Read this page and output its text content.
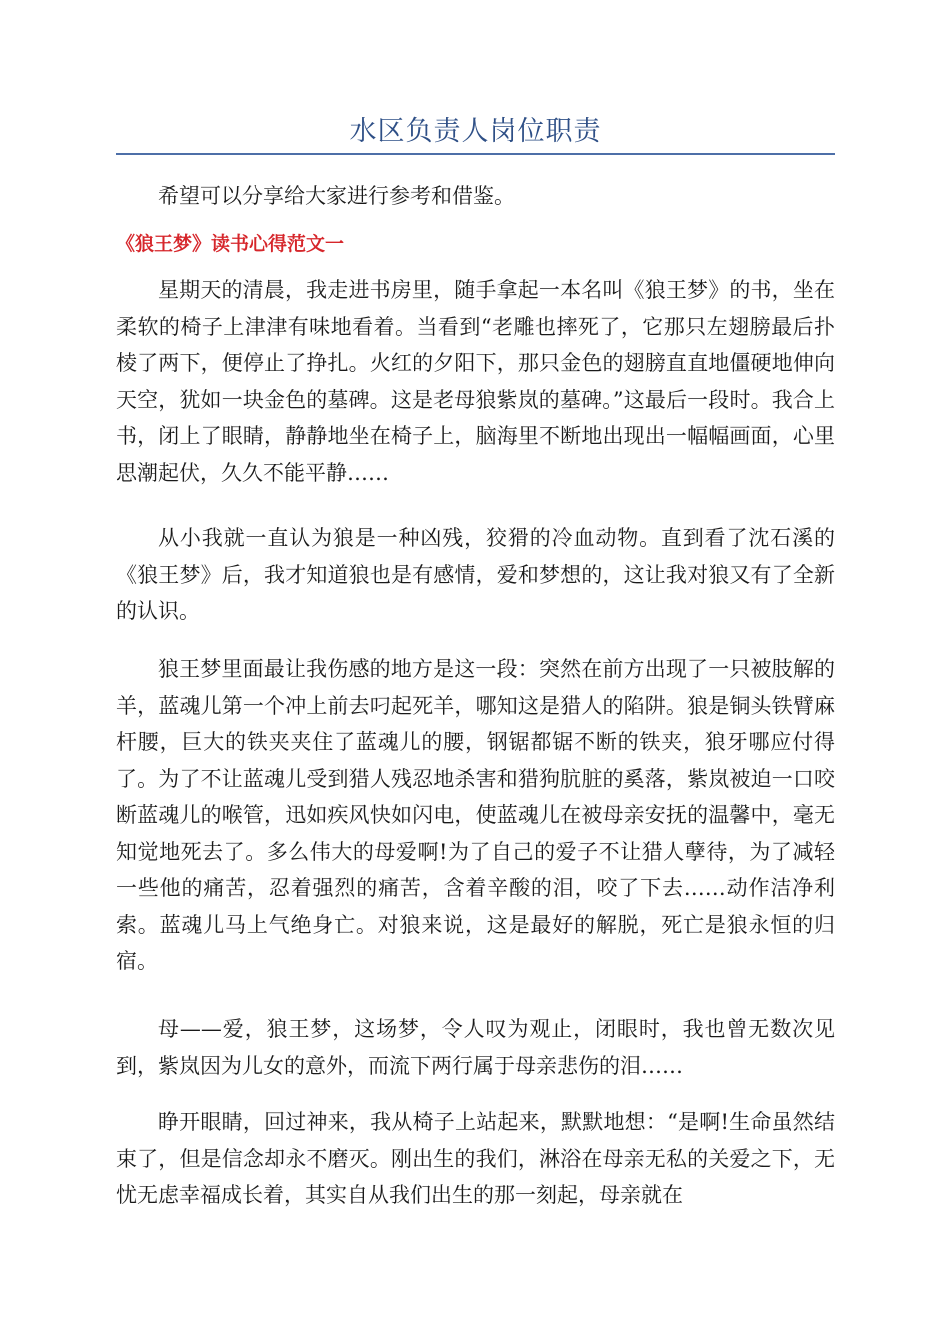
水区负责人岗位职责

希望可以分享给大家进行参考和借鉴。

《狼王梦》读书心得范文一

星期天的清晨，我走进书房里，随手拿起一本名叫《狼王梦》的书，坐在柔软的椅子上津津有味地看着。当看到“老雕也摔死了，它那只左翅膀最后扑棱了两下，便停止了挣扎。火红的夕阳下，那只金色的翅膀直直地僵硬地伸向天空，犹如一块金色的墓碑。这是老母狼紫岚的墓碑。”这最后一段时。我合上书，闭上了眼睛，静静地坐在椅子上，脑海里不断地出现出一幅幅画面，心里思潮起伏，久久不能平静……

从小我就一直认为狼是一种凶残，狡猾的冷血动物。直到看了沈石溪的《狼王梦》后，我才知道狼也是有感情，爱和梦想的，这让我对狼又有了全新的认识。

狼王梦里面最让我伤感的地方是这一段：突然在前方出现了一只被肢解的羊，蓝魂儿第一个冲上前去叼起死羊，哪知这是猎人的陷阱。狼是铜头铁臂麻杆腰，巨大的铁夹夹住了蓝魂儿的腰，钢锯都锯不断的铁夹，狼牙哪应付得了。为了不让蓝魂儿受到猎人残忍地杀害和猎狗肮脏的奚落，紫岚被迫一口咬断蓝魂儿的喉管，迅如疾风快如闪电，使蓝魂儿在被母亲安抚的温馨中，毫无知觉地死去了。多么伟大的母爱啊!为了自己的爱子不让猎人孽待，为了减轻一些他的痛苦，忍着强烈的痛苦，含着辛酸的泪，咬了下去……动作洁净利索。蓝魂儿马上气绝身亡。对狼来说，这是最好的解脱，死亡是狼永恒的归宿。

母——爱，狼王梦，这场梦，令人叹为观止，闭眼时，我也曾无数次见到，紫岚因为儿女的意外，而流下两行属于母亲悲伤的泪……

睁开眼睛，回过神来，我从椅子上站起来，默默地想：“是啊!生命虽然结束了，但是信念却永不磨灭。刚出生的我们，淋浴在母亲无私的关爱之下，无忧无虑幸福成长着，其实自从我们出生的那一刻起，母亲就在
